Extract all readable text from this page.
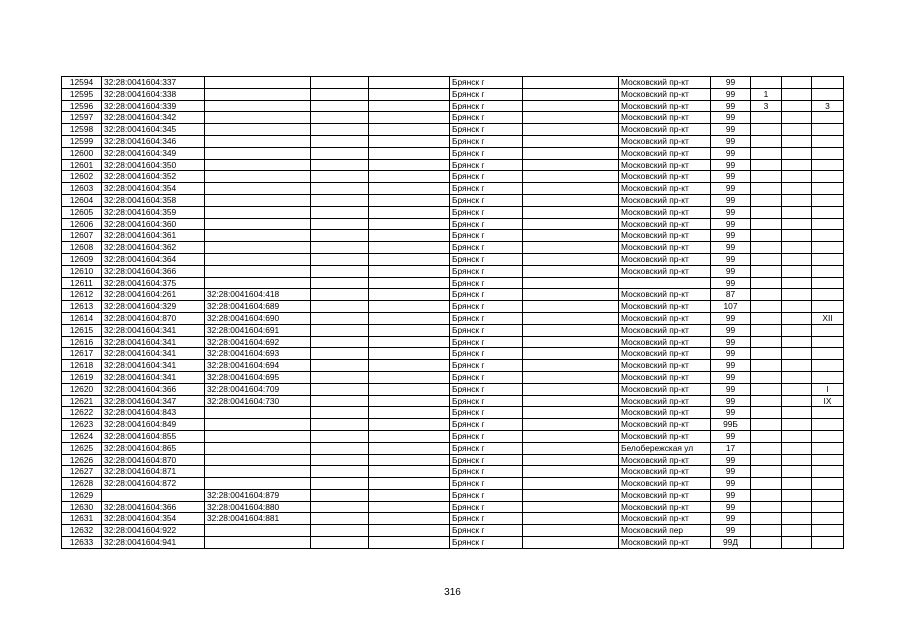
12594	32:28:0041604:337				Брянск г		Московский пр-кт	99			
12595	32:28:0041604:338				Брянск г		Московский пр-кт	99	1		
12596	32:28:0041604:339				Брянск г		Московский пр-кт	99	3		3
12597	32:28:0041604:342				Брянск г		Московский пр-кт	99			
12598	32:28:0041604:345				Брянск г		Московский пр-кт	99			
12599	32:28:0041604:346				Брянск г		Московский пр-кт	99			
12600	32:28:0041604:349				Брянск г		Московский пр-кт	99			
12601	32:28:0041604:350				Брянск г		Московский пр-кт	99			
12602	32:28:0041604:352				Брянск г		Московский пр-кт	99			
12603	32:28:0041604:354				Брянск г		Московский пр-кт	99			
12604	32:28:0041604:358				Брянск г		Московский пр-кт	99			
12605	32:28:0041604:359				Брянск г		Московский пр-кт	99			
12606	32:28:0041604:360				Брянск г		Московский пр-кт	99			
12607	32:28:0041604:361				Брянск г		Московский пр-кт	99			
12608	32:28:0041604:362				Брянск г		Московский пр-кт	99			
12609	32:28:0041604:364				Брянск г		Московский пр-кт	99			
12610	32:28:0041604:366				Брянск г		Московский пр-кт	99			
12611	32:28:0041604:375				Брянск г			99			
12612	32:28:0041604:261	32:28:0041604:418			Брянск г		Московский пр-кт	87			
12613	32:28:0041604:329	32:28:0041604:689			Брянск г		Московский пр-кт	107			
12614	32:28:0041604:870	32:28:0041604:690			Брянск г		Московский пр-кт	99			XII
12615	32:28:0041604:341	32:28:0041604:691			Брянск г		Московский пр-кт	99			
12616	32:28:0041604:341	32:28:0041604:692			Брянск г		Московский пр-кт	99			
12617	32:28:0041604:341	32:28:0041604:693			Брянск г		Московский пр-кт	99			
12618	32:28:0041604:341	32:28:0041604:694			Брянск г		Московский пр-кт	99			
12619	32:28:0041604:341	32:28:0041604:695			Брянск г		Московский пр-кт	99			
12620	32:28:0041604:366	32:28:0041604:709			Брянск г		Московский пр-кт	99			I
12621	32:28:0041604:347	32:28:0041604:730			Брянск г		Московский пр-кт	99			IX
12622	32:28:0041604:843				Брянск г		Московский пр-кт	99			
12623	32:28:0041604:849				Брянск г		Московский пр-кт	99Б			
12624	32:28:0041604:855				Брянск г		Московский пр-кт	99			
12625	32:28:0041604:865				Брянск г		Белобережская ул	17			
12626	32:28:0041604:870				Брянск г		Московский пр-кт	99			
12627	32:28:0041604:871				Брянск г		Московский пр-кт	99			
12628	32:28:0041604:872				Брянск г		Московский пр-кт	99			
12629		32:28:0041604:879			Брянск г		Московский пр-кт	99			
12630	32:28:0041604:366	32:28:0041604:880			Брянск г		Московский пр-кт	99			
12631	32:28:0041604:354	32:28:0041604:881			Брянск г		Московский пр-кт	99			
12632	32:28:0041604:922				Брянск г		Московский пер	99			
12633	32:28:0041604:941				Брянск г		Московский пр-кт	99Д			
316
